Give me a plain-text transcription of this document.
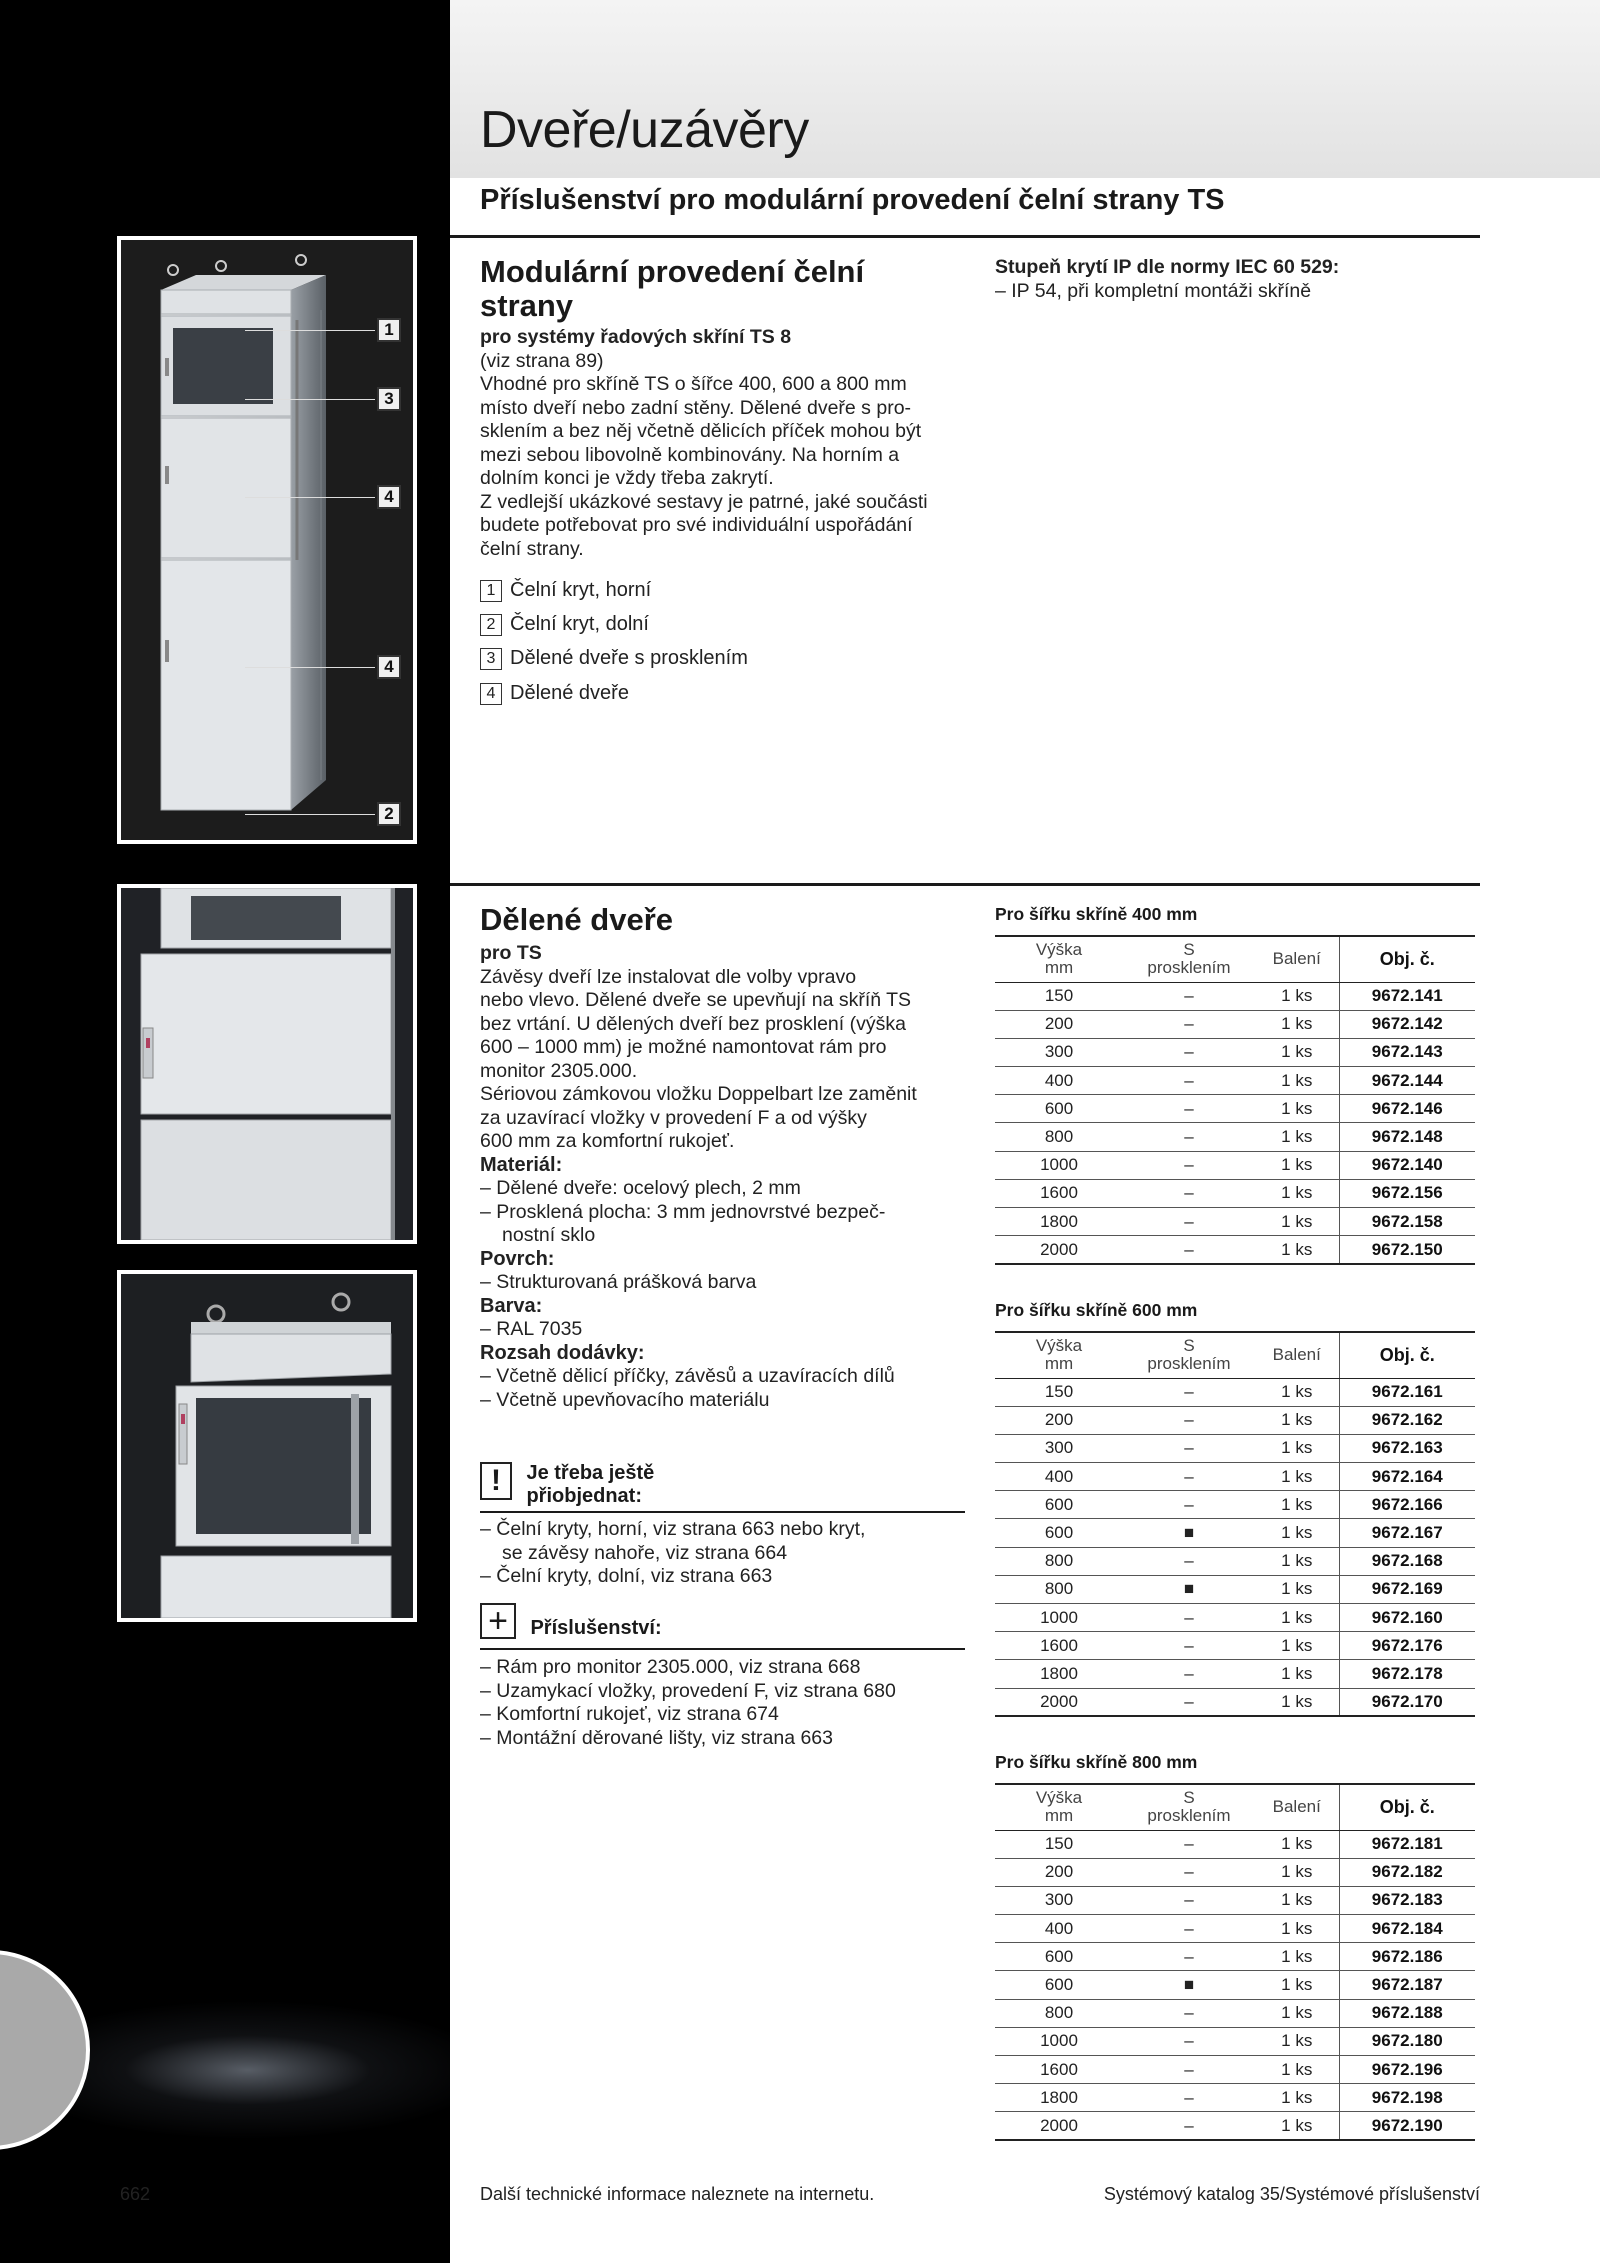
Dveře/uzávěry
Příslušenství pro modulární provedení čelní strany TS
1
3
4
4
2
Modulární provedení čelní strany

pro systémy řadových skříní TS 8

(viz strana 89)

Vhodné pro skříně TS o šířce 400, 600 a 800 mm

místo dveří nebo zadní stěny. Dělené dveře s pro-

sklením a bez něj včetně dělicích příček mohou být

mezi sebou libovolně kombinovány. Na horním a

dolním konci je vždy třeba zakrytí.

Z vedlejší ukázkové sestavy je patrné, jaké součásti

budete potřebovat pro své individuální uspořádání

čelní strany.

Stupeň krytí IP dle normy IEC 60 529:

– IP 54, při kompletní montáži skříně

1 Čelní kryt, horní
2 Čelní kryt, dolní
3 Dělené dveře s prosklením
4 Dělené dveře
Dělené dveře

pro TS

Závěsy dveří lze instalovat dle volby vpravo

nebo vlevo. Dělené dveře se upevňují na skříň TS

bez vrtání. U dělených dveří bez prosklení (výška

600 – 1000 mm) je možné namontovat rám pro

monitor 2305.000.

Sériovou zámkovou vložku Doppelbart lze zaměnit

za uzavírací vložky v provedení F a od výšky

600 mm za komfortní rukojeť.

Materiál:

– Dělené dveře: ocelový plech, 2 mm

– Prosklená plocha: 3 mm jednovrstvé bezpeč-

nostní sklo

Povrch:

– Strukturovaná prášková barva

Barva:

– RAL 7035

Rozsah dodávky:

– Včetně dělicí příčky, závěsů a uzavíracích dílů

– Včetně upevňovacího materiálu

! Je třeba ještě
přiobjednat:

– Čelní kryty, horní, viz strana 663 nebo kryt,

se závěsy nahoře, viz strana 664

– Čelní kryty, dolní, viz strana 663

+ Příslušenství:

– Rám pro monitor 2305.000, viz strana 668

– Uzamykací vložky, provedení F, viz strana 680

– Komfortní rukojeť, viz strana 674

– Montážní děrované lišty, viz strana 663

Pro šířku skříně 400 mm
Výška
mm	S
prosklením	Balení	Obj. č.
150	–	1 ks	9672.141
200	–	1 ks	9672.142
300	–	1 ks	9672.143
400	–	1 ks	9672.144
600	–	1 ks	9672.146
800	–	1 ks	9672.148
1000	–	1 ks	9672.140
1600	–	1 ks	9672.156
1800	–	1 ks	9672.158
2000	–	1 ks	9672.150
Pro šířku skříně 600 mm
Výška
mm	S
prosklením	Balení	Obj. č.
150	–	1 ks	9672.161
200	–	1 ks	9672.162
300	–	1 ks	9672.163
400	–	1 ks	9672.164
600	–	1 ks	9672.166
600	■	1 ks	9672.167
800	–	1 ks	9672.168
800	■	1 ks	9672.169
1000	–	1 ks	9672.160
1600	–	1 ks	9672.176
1800	–	1 ks	9672.178
2000	–	1 ks	9672.170
Pro šířku skříně 800 mm
Výška
mm	S
prosklením	Balení	Obj. č.
150	–	1 ks	9672.181
200	–	1 ks	9672.182
300	–	1 ks	9672.183
400	–	1 ks	9672.184
600	–	1 ks	9672.186
600	■	1 ks	9672.187
800	–	1 ks	9672.188
1000	–	1 ks	9672.180
1600	–	1 ks	9672.196
1800	–	1 ks	9672.198
2000	–	1 ks	9672.190
662	Další technické informace naleznete na internetu.	Systémový katalog 35/Systémové příslušenství
